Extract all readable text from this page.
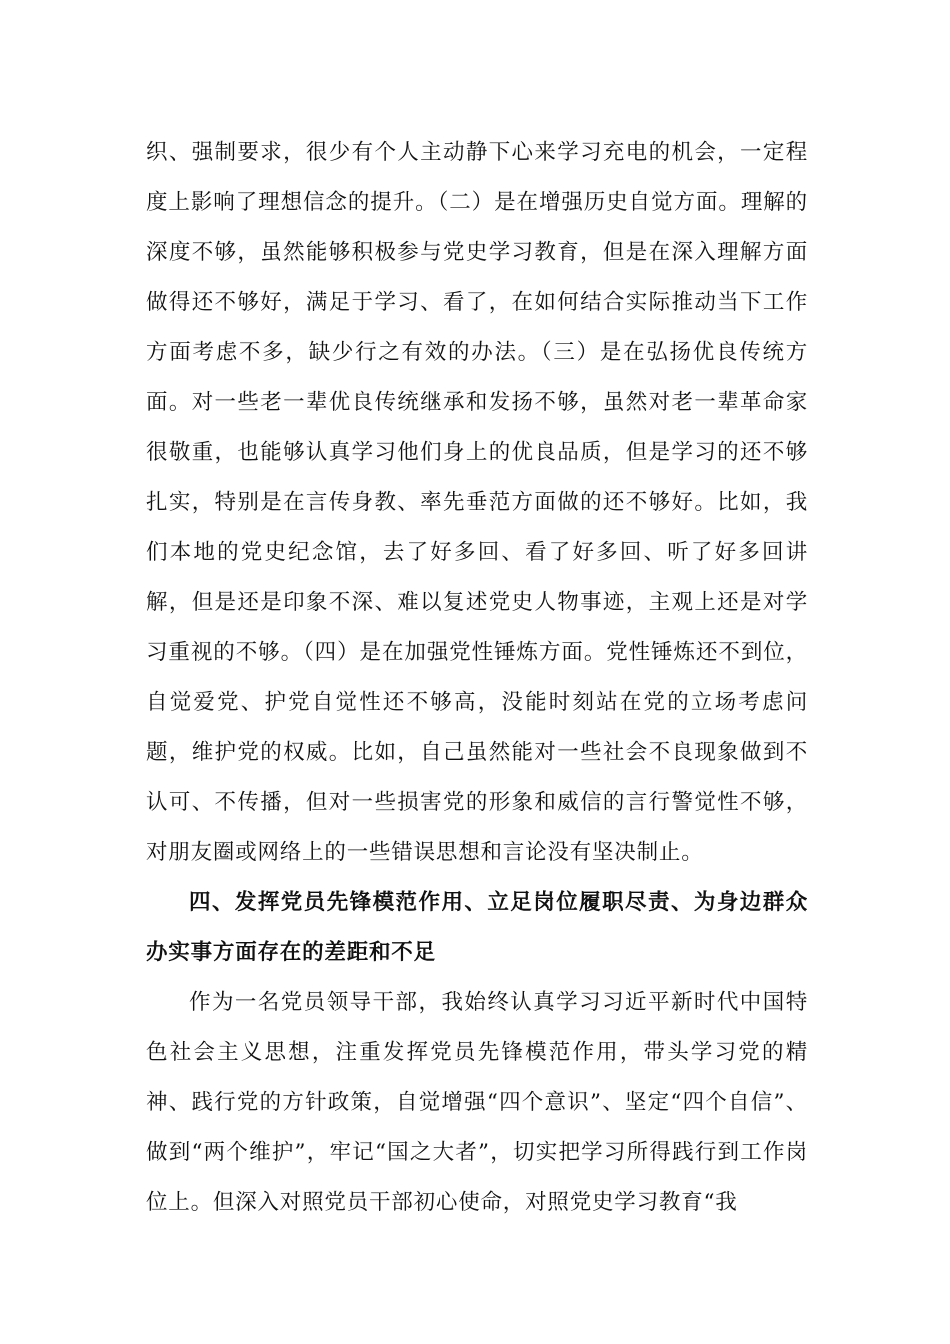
织、强制要求，很少有个人主动静下心来学习充电的机会，一定程度上影响了理想信念的提升。（二）是在增强历史自觉方面。理解的深度不够，虽然能够积极参与党史学习教育，但是在深入理解方面做得还不够好，满足于学习、看了，在如何结合实际推动当下工作方面考虑不多，缺少行之有效的办法。（三）是在弘扬优良传统方面。对一些老一辈优良传统继承和发扬不够，虽然对老一辈革命家很敬重，也能够认真学习他们身上的优良品质，但是学习的还不够扎实，特别是在言传身教、率先垂范方面做的还不够好。比如，我们本地的党史纪念馆，去了好多回、看了好多回、听了好多回讲解，但是还是印象不深、难以复述党史人物事迹，主观上还是对学习重视的不够。（四）是在加强党性锤炼方面。党性锤炼还不到位，自觉爱党、护党自觉性还不够高，没能时刻站在党的立场考虑问题，维护党的权威。比如，自己虽然能对一些社会不良现象做到不认可、不传播，但对一些损害党的形象和威信的言行警觉性不够，对朋友圈或网络上的一些错误思想和言论没有坚决制止。

四、发挥党员先锋模范作用、立足岗位履职尽责、为身边群众办实事方面存在的差距和不足

作为一名党员领导干部，我始终认真学习习近平新时代中国特色社会主义思想，注重发挥党员先锋模范作用，带头学习党的精神、践行党的方针政策，自觉增强“四个意识”、坚定“四个自信”、做到“两个维护”，牢记“国之大者”，切实把学习所得践行到工作岗位上。但深入对照党员干部初心使命，对照党史学习教育“我
